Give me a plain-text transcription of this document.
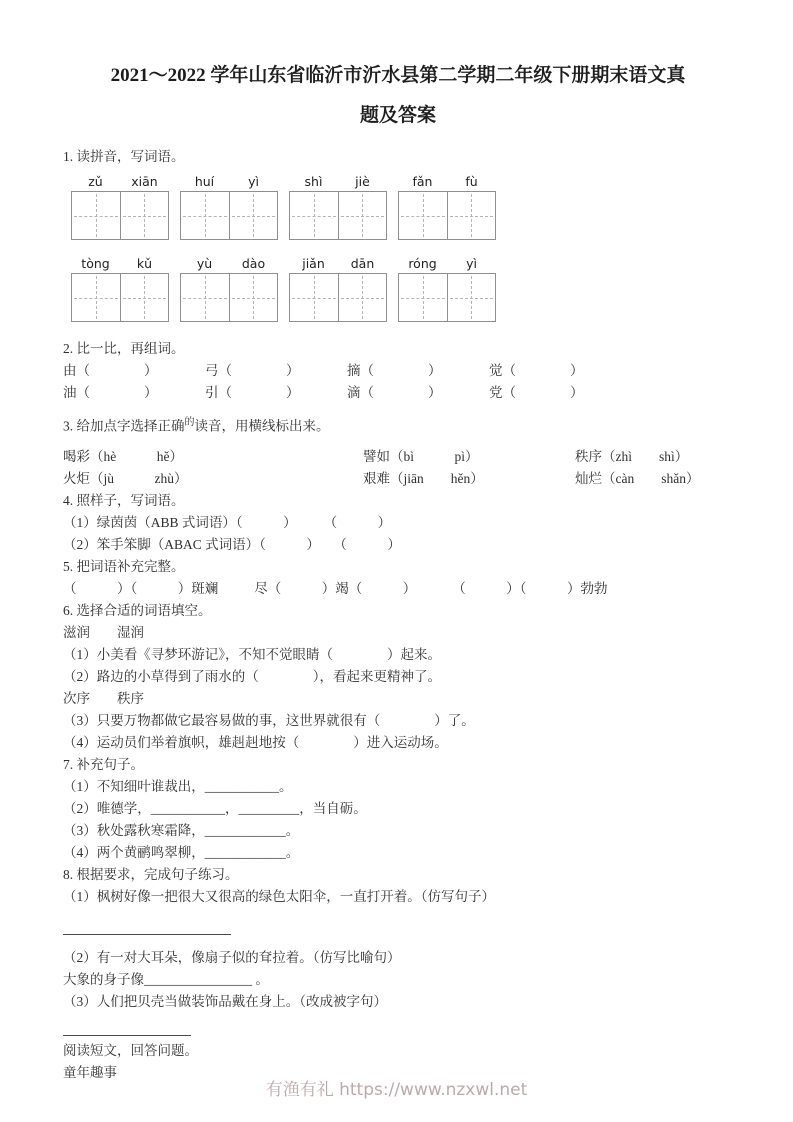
2021～2022 学年山东省临沂市沂水县第二学期二年级下册期末语文真
题及答案
1. 读拼音，写词语。
zǔ	xiān	huí	yì	shì	jiè	fǎn	fù
tòng	kǔ	yù	dào	jiǎn	dān	róng	yì
2. 比一比，再组词。
由（　　　　）	弓（　　　　）	摘（　　　　）	觉（　　　　）
油（　　　　）	引（　　　　）	滴（　　　　）	党（　　　　）
3. 给加点字选择正确$^的$读音，用横线标出来。
喝彩（hè　　　hě）	譬如（bì　　　pì）	秩序（zhì　　shì）
火炬（jù　　　zhù）	艰难（jiān　　hěn）	灿烂（càn　　shǎn）
4. 照样子，写词语。
（1）绿茵茵（ABB 式词语）（　　　）　　　（　　　）
（2）笨手笨脚（ABAC 式词语）（　　　）　　（　　　）
5. 把词语补充完整。
（　　　）（　　　）斑斓	尽（　　　）竭（　　　）	（　　　）（　　　）勃勃
6. 选择合适的词语填空。
滋润　　湿润
（1）小美看《寻梦环游记》，不知不觉眼睛（　　　　）起来。
（2）路边的小草得到了雨水的（　　　　），看起来更精神了。
次序　　秩序
（3）只要万物都做它最容易做的事，这世界就很有（　　　　）了。
（4）运动员们举着旗帜，雄赳赳地按（　　　　）进入运动场。
7. 补充句子。
（1）不知细叶谁裁出，___________。
（2）唯德学，___________，_________，当自砺。
（3）秋处露秋寒霜降，____________。
（4）两个黄鹂鸣翠柳，____________。
8. 根据要求，完成句子练习。
（1）枫树好像一把很大又很高的绿色太阳伞，一直打开着。（仿写句子）
（2）有一对大耳朵，像扇子似的耷拉着。（仿写比喻句）
大象的身子像________________ 。
（3）人们把贝壳当做装饰品戴在身上。（改成被字句）
阅读短文，回答问题。
童年趣事
有渔有礼 https://www.nzxwl.net
